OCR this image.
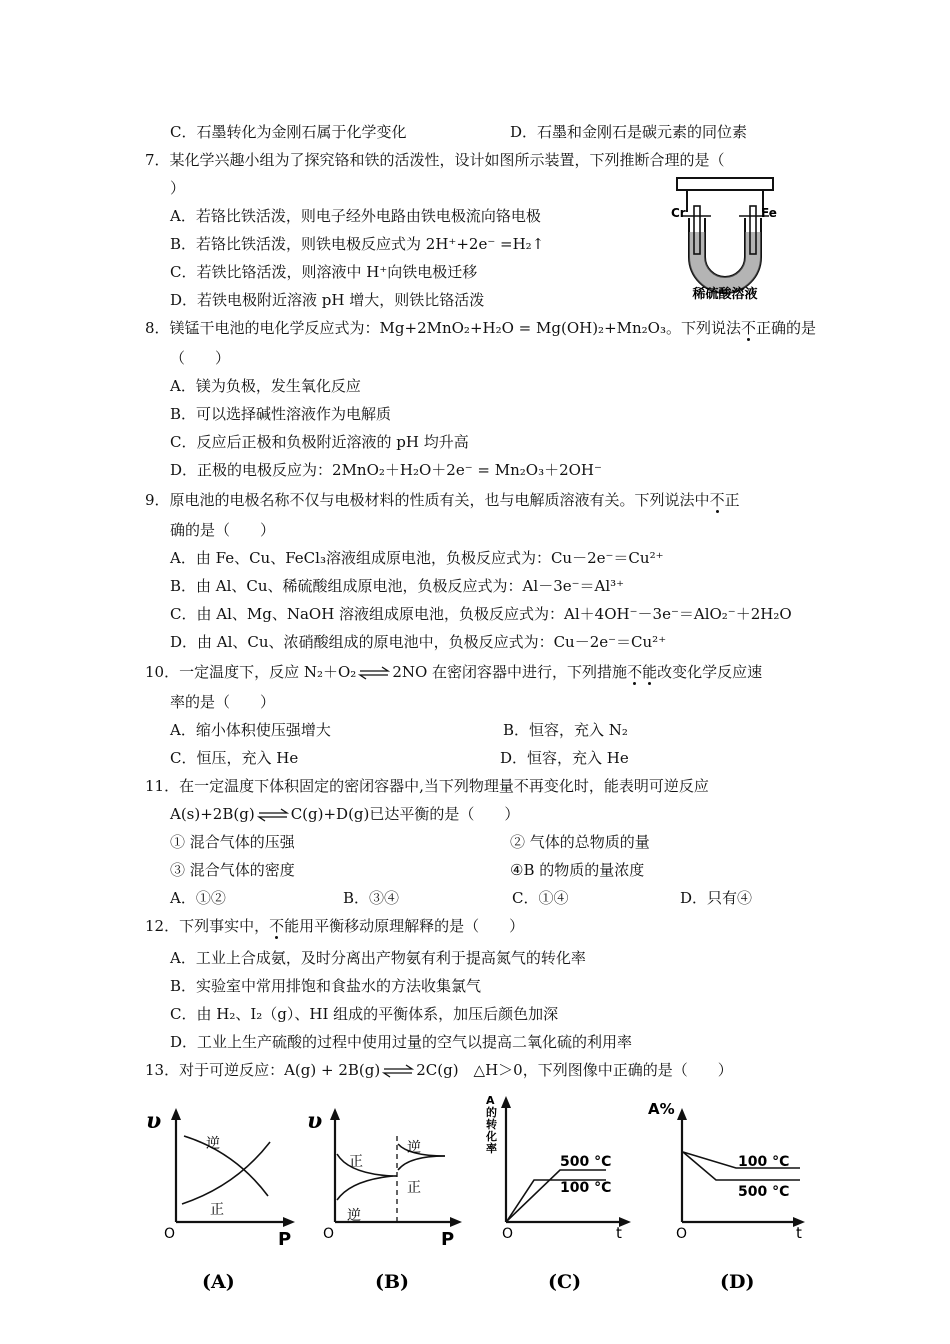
C．石墨转化为金刚石属于化学变化	D．石墨和金刚石是碳元素的同位素
7．某化学兴趣小组为了探究铬和铁的活泼性，设计如图所示装置，下列推断合理的是（
）
A．若铬比铁活泼，则电子经外电路由铁电极流向铬电极
B．若铬比铁活泼，则铁电极反应式为 2H⁺+2e⁻ =H₂↑
C．若铁比铬活泼，则溶液中 H⁺向铁电极迁移
D．若铁电极附近溶液 pH 增大，则铁比铬活泼
Cr	Fe
稀硫酸溶液
8．镁锰干电池的电化学反应式为：Mg+2MnO₂+H₂O = Mg(OH)₂+Mn₂O₃。下列说法不正确的是
（　　）
A．镁为负极，发生氧化反应
B．可以选择碱性溶液作为电解质
C．反应后正极和负极附近溶液的 pH 均升高
D．正极的电极反应为：2MnO₂＋H₂O＋2e⁻ = Mn₂O₃＋2OH⁻
9．原电池的电极名称不仅与电极材料的性质有关，也与电解质溶液有关。下列说法中不正
确的是（　　）
A．由 Fe、Cu、FeCl₃溶液组成原电池，负极反应式为：Cu－2e⁻＝Cu²⁺
B．由 Al、Cu、稀硫酸组成原电池，负极反应式为：Al－3e⁻＝Al³⁺
C．由 Al、Mg、NaOH 溶液组成原电池，负极反应式为：Al＋4OH⁻－3e⁻＝AlO₂⁻＋2H₂O
D．由 Al、Cu、浓硝酸组成的原电池中，负极反应式为：Cu－2e⁻＝Cu²⁺
10．一定温度下，反应 N₂＋O₂⇌2NO 在密闭容器中进行，下列措施不能改变化学反应速
率的是（　　）
A．缩小体积使压强增大	B．恒容，充入 N₂
C．恒压，充入 He	D．恒容，充入 He
11．在一定温度下体积固定的密闭容器中,当下列物理量不再变化时，能表明可逆反应
A(s)+2B(g)⇌C(g)+D(g)已达平衡的是（　　）
① 混合气体的压强	② 气体的总物质的量
③ 混合气体的密度	④B 的物质的量浓度
A．①②	B．③④	C．①④	D．只有④
12．下列事实中，不能用平衡移动原理解释的是（　　）
A．工业上合成氨，及时分离出产物氨有利于提高氮气的转化率
B．实验室中常用排饱和食盐水的方法收集氯气
C．由 H₂、I₂（g）、HI 组成的平衡体系，加压后颜色加深
D．工业上生产硫酸的过程中使用过量的空气以提高二氧化硫的利用率
13．对于可逆反应：A(g) + 2B(g)⇌2C(g)　△H＞0，下列图像中正确的是（　　）
υ
P
O
逆
正
(A)
υ
P
O
正
逆
逆
正
(B)
A 的转化率
t
O
500 °C
100 °C
(C)
A%
t
O
100 °C
500 °C
(D)
